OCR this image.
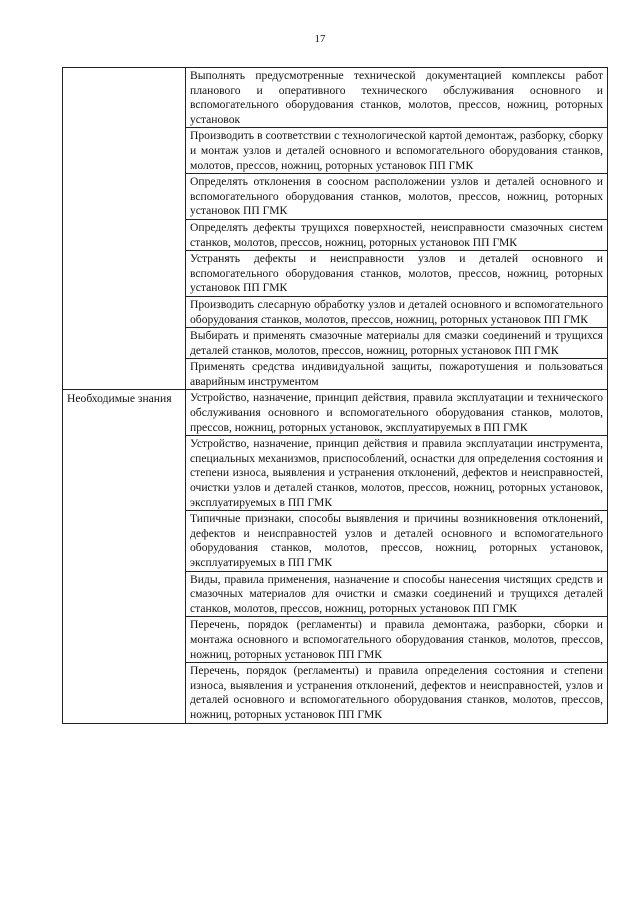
17

	Выполнять предусмотренные технической документацией комплексы работ планового и оперативного технического обслуживания основного и вспомогательного оборудования станков, молотов, прессов, ножниц, роторных установок

	Производить в соответствии с технологической картой демонтаж, разборку, сборку и монтаж узлов и деталей основного и вспомогательного оборудования станков, молотов, прессов, ножниц, роторных установок ПП ГМК

	Определять отклонения в соосном расположении узлов и деталей основного и вспомогательного оборудования станков, молотов, прессов, ножниц, роторных установок ПП ГМК

	Определять дефекты трущихся поверхностей, неисправности смазочных систем станков, молотов, прессов, ножниц, роторных установок ПП ГМК

	Устранять дефекты и неисправности узлов и деталей основного и вспомогательного оборудования станков, молотов, прессов, ножниц, роторных установок ПП ГМК

	Производить слесарную обработку узлов и деталей основного и вспомогательного оборудования станков, молотов, прессов, ножниц, роторных установок ПП ГМК

	Выбирать и применять смазочные материалы для смазки соединений и трущихся деталей станков, молотов, прессов, ножниц, роторных установок ПП ГМК

	Применять средства индивидуальной защиты, пожаротушения и пользоваться аварийным инструментом

Необходимые знания	Устройство, назначение, принцип действия, правила эксплуатации и технического обслуживания основного и вспомогательного оборудования станков, молотов, прессов, ножниц, роторных установок, эксплуатируемых в ПП ГМК

	Устройство, назначение, принцип действия и правила эксплуатации инструмента, специальных механизмов, приспособлений, оснастки для определения состояния и степени износа, выявления и устранения отклонений, дефектов и неисправностей, очистки узлов и деталей станков, молотов, прессов, ножниц, роторных установок, эксплуатируемых в ПП ГМК

	Типичные признаки, способы выявления и причины возникновения отклонений, дефектов и неисправностей узлов и деталей основного и вспомогательного оборудования станков, молотов, прессов, ножниц, роторных установок, эксплуатируемых в ПП ГМК

	Виды, правила применения, назначение и способы нанесения чистящих средств и смазочных материалов для очистки и смазки соединений и трущихся деталей станков, молотов, прессов, ножниц, роторных установок ПП ГМК

	Перечень, порядок (регламенты) и правила демонтажа, разборки, сборки и монтажа основного и вспомогательного оборудования станков, молотов, прессов, ножниц, роторных установок ПП ГМК

	Перечень, порядок (регламенты) и правила определения состояния и степени износа, выявления и устранения отклонений, дефектов и неисправностей, узлов и деталей основного и вспомогательного оборудования станков, молотов, прессов, ножниц, роторных установок ПП ГМК
